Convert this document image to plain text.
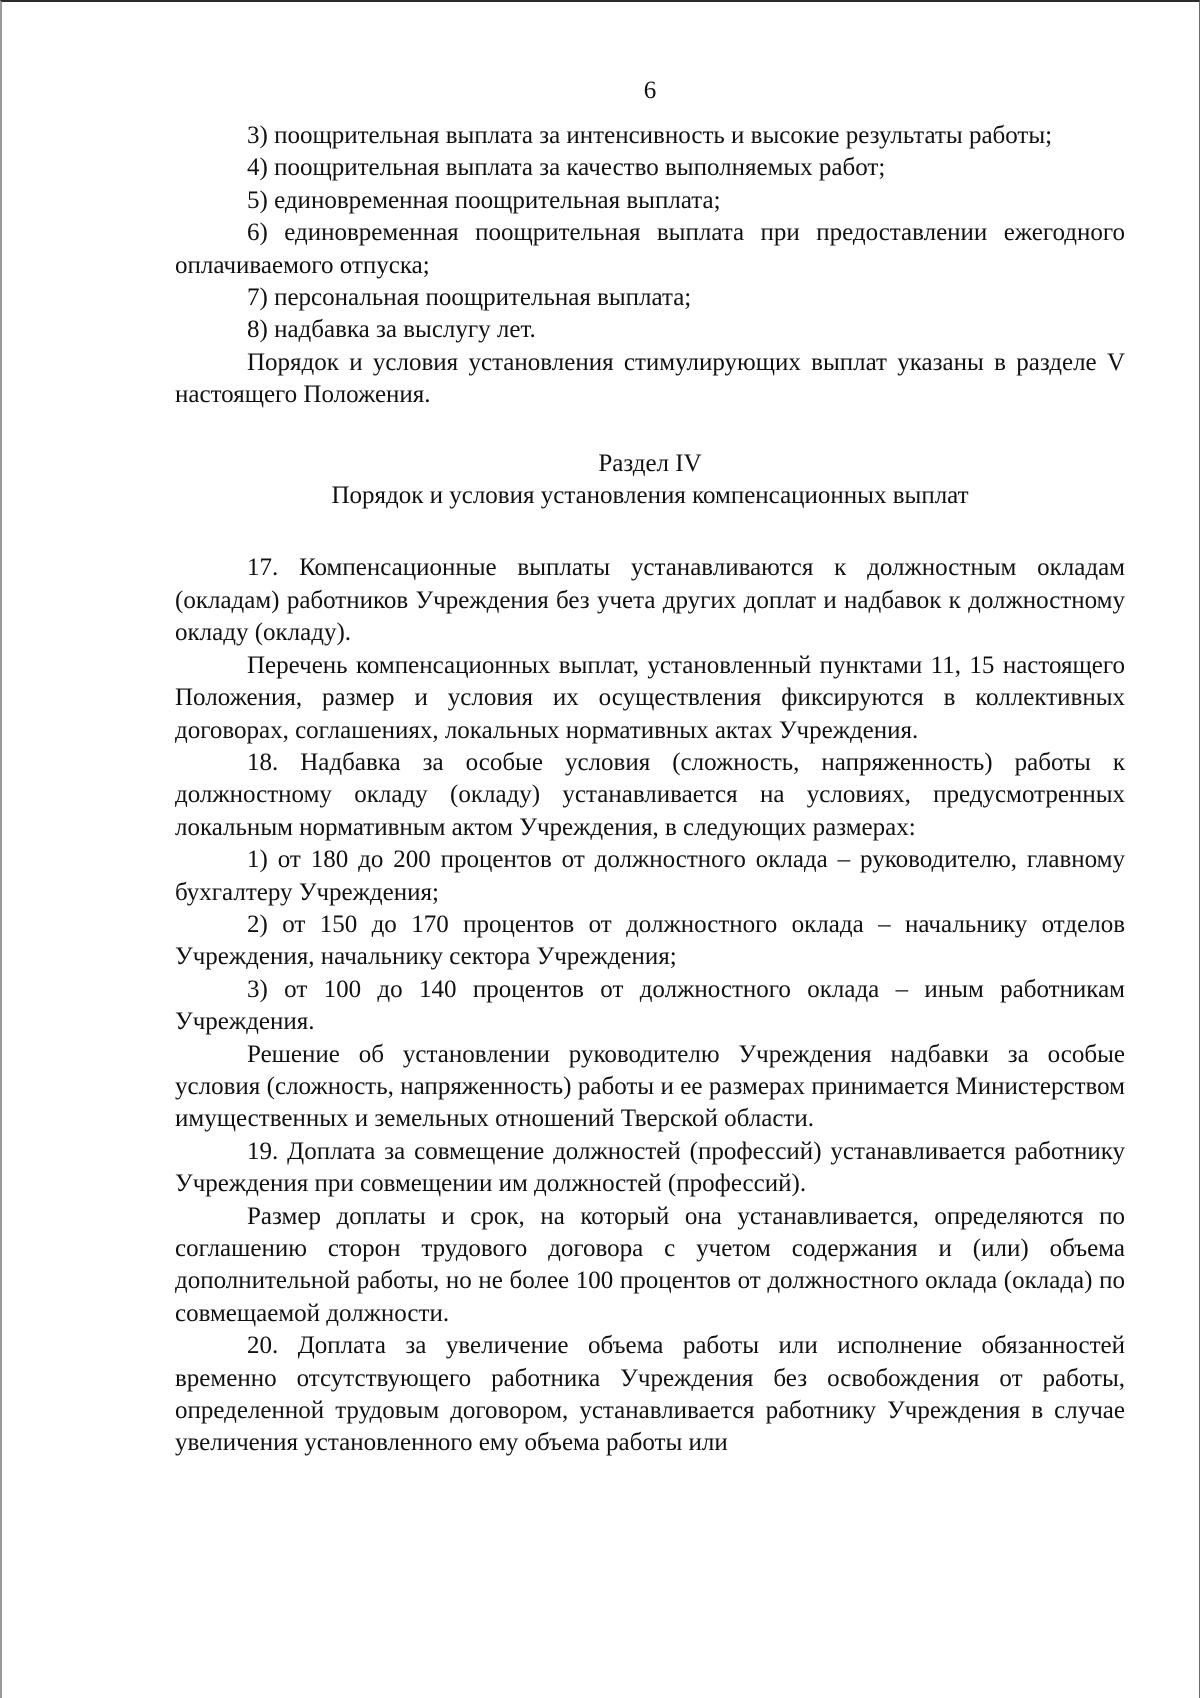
6

3) поощрительная выплата за интенсивность и высокие результаты работы;

4) поощрительная выплата за качество выполняемых работ;

5) единовременная поощрительная выплата;

6) единовременная поощрительная выплата при предоставлении ежегодного оплачиваемого отпуска;

7) персональная поощрительная выплата;

8) надбавка за выслугу лет.

Порядок и условия установления стимулирующих выплат указаны в разделе V настоящего Положения.

Раздел IV
Порядок и условия установления компенсационных выплат

17. Компенсационные выплаты устанавливаются к должностным окладам (окладам) работников Учреждения без учета других доплат и надбавок к должностному окладу (окладу).

Перечень компенсационных выплат, установленный пунктами 11, 15 настоящего Положения, размер и условия их осуществления фиксируются в коллективных договорах, соглашениях, локальных нормативных актах Учреждения.

18. Надбавка за особые условия (сложность, напряженность) работы к должностному окладу (окладу) устанавливается на условиях, предусмотренных локальным нормативным актом Учреждения, в следующих размерах:

1) от 180 до 200 процентов от должностного оклада – руководителю, главному бухгалтеру Учреждения;

2) от 150 до 170 процентов от должностного оклада – начальнику отделов Учреждения, начальнику сектора Учреждения;

3) от 100 до 140 процентов от должностного оклада – иным работникам Учреждения.

Решение об установлении руководителю Учреждения надбавки за особые условия (сложность, напряженность) работы и ее размерах принимается Министерством имущественных и земельных отношений Тверской области.

19. Доплата за совмещение должностей (профессий) устанавливается работнику Учреждения при совмещении им должностей (профессий).

Размер доплаты и срок, на который она устанавливается, определяются по соглашению сторон трудового договора с учетом содержания и (или) объема дополнительной работы, но не более 100 процентов от должностного оклада (оклада) по совмещаемой должности.

20. Доплата за увеличение объема работы или исполнение обязанностей временно отсутствующего работника Учреждения без освобождения от работы, определенной трудовым договором, устанавливается работнику Учреждения в случае увеличения установленного ему объема работы или
